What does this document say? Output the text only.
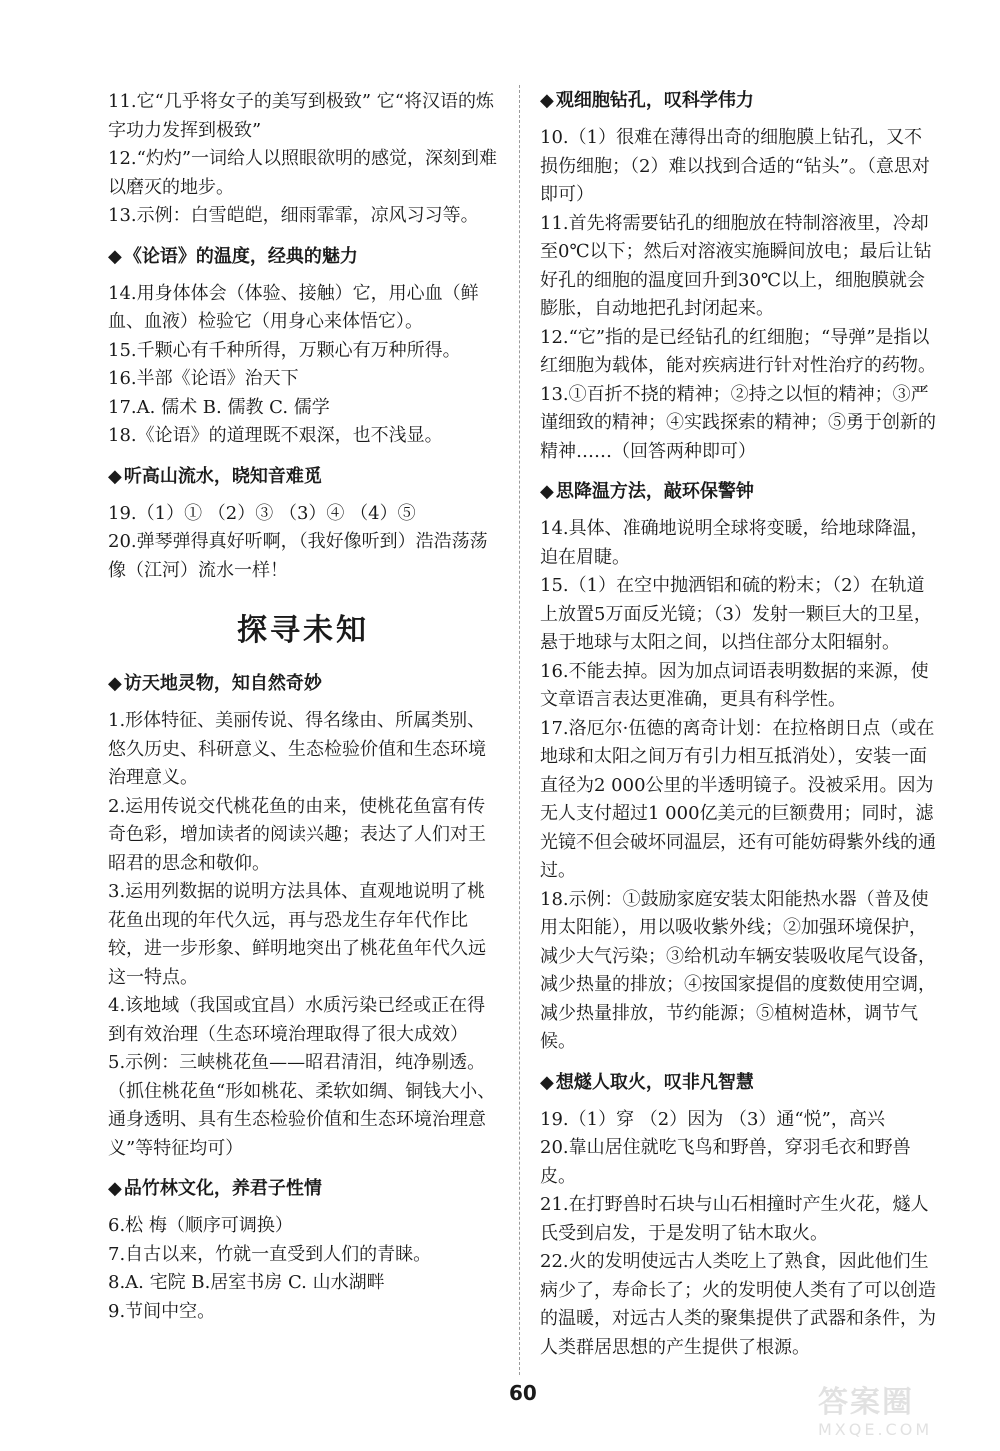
11.它“几乎将女子的美写到极致” 它“将汉语的炼字功力发挥到极致”
12.“灼灼”一词给人以照眼欲明的感觉，深刻到难以磨灭的地步。
13.示例：白雪皑皑，细雨霏霏，凉风习习等。
◆ 《论语》的温度，经典的魅力
14.用身体体会（体验、接触）它，用心血（鲜血、血液）检验它（用身心来体悟它）。
15.千颗心有千种所得，万颗心有万种所得。
16.半部《论语》治天下
17.A. 儒术 B. 儒教 C. 儒学
18.《论语》的道理既不艰深，也不浅显。
◆ 听高山流水，晓知音难觅
19.（1）① （2）③ （3）④ （4）⑤
20.弹琴弹得真好听啊，（我好像听到）浩浩荡荡像（江河）流水一样！
探寻未知
◆ 访天地灵物，知自然奇妙
1.形体特征、美丽传说、得名缘由、所属类别、悠久历史、科研意义、生态检验价值和生态环境治理意义。
2.运用传说交代桃花鱼的由来，使桃花鱼富有传奇色彩，增加读者的阅读兴趣；表达了人们对王昭君的思念和敬仰。
3.运用列数据的说明方法具体、直观地说明了桃花鱼出现的年代久远，再与恐龙生存年代作比较，进一步形象、鲜明地突出了桃花鱼年代久远这一特点。
4.该地域（我国或宜昌）水质污染已经或正在得到有效治理（生态环境治理取得了很大成效）
5.示例：三峡桃花鱼——昭君清泪，纯净剔透。（抓住桃花鱼“形如桃花、柔软如绸、铜钱大小、通身透明、具有生态检验价值和生态环境治理意义”等特征均可）
◆ 品竹林文化，养君子性情
6.松 梅（顺序可调换）
7.自古以来，竹就一直受到人们的青睐。
8.A. 宅院 B.居室书房 C. 山水湖畔
9.节间中空。
◆ 观细胞钻孔，叹科学伟力
10.（1）很难在薄得出奇的细胞膜上钻孔，又不损伤细胞；（2）难以找到合适的“钻头”。（意思对即可）
11.首先将需要钻孔的细胞放在特制溶液里，冷却至0℃以下；然后对溶液实施瞬间放电；最后让钻好孔的细胞的温度回升到30℃以上，细胞膜就会膨胀，自动地把孔封闭起来。
12.“它”指的是已经钻孔的红细胞；“导弹”是指以红细胞为载体，能对疾病进行针对性治疗的药物。
13.①百折不挠的精神；②持之以恒的精神；③严谨细致的精神；④实践探索的精神；⑤勇于创新的精神……（回答两种即可）
◆ 思降温方法，敲环保警钟
14.具体、准确地说明全球将变暖，给地球降温，迫在眉睫。
15.（1）在空中抛洒铝和硫的粉末；（2）在轨道上放置5万面反光镜；（3）发射一颗巨大的卫星，悬于地球与太阳之间，以挡住部分太阳辐射。
16.不能去掉。因为加点词语表明数据的来源，使文章语言表达更准确，更具有科学性。
17.洛厄尔·伍德的离奇计划：在拉格朗日点（或在地球和太阳之间万有引力相互抵消处），安装一面直径为2 000公里的半透明镜子。没被采用。因为无人支付超过1 000亿美元的巨额费用；同时，滤光镜不但会破坏同温层，还有可能妨碍紫外线的通过。
18.示例：①鼓励家庭安装太阳能热水器（普及使用太阳能），用以吸收紫外线；②加强环境保护，减少大气污染；③给机动车辆安装吸收尾气设备，减少热量的排放；④按国家提倡的度数使用空调，减少热量排放，节约能源；⑤植树造林，调节气候。
◆ 想燧人取火，叹非凡智慧
19.（1）穿 （2）因为 （3）通“悦”，高兴
20.靠山居住就吃飞鸟和野兽，穿羽毛衣和野兽皮。
21.在打野兽时石块与山石相撞时产生火花，燧人氏受到启发，于是发明了钻木取火。
22.火的发明使远古人类吃上了熟食，因此他们生病少了，寿命长了；火的发明使人类有了可以创造的温暖，对远古人类的聚集提供了武器和条件，为人类群居思想的产生提供了根源。
60	答案圈
MXQE.COM
